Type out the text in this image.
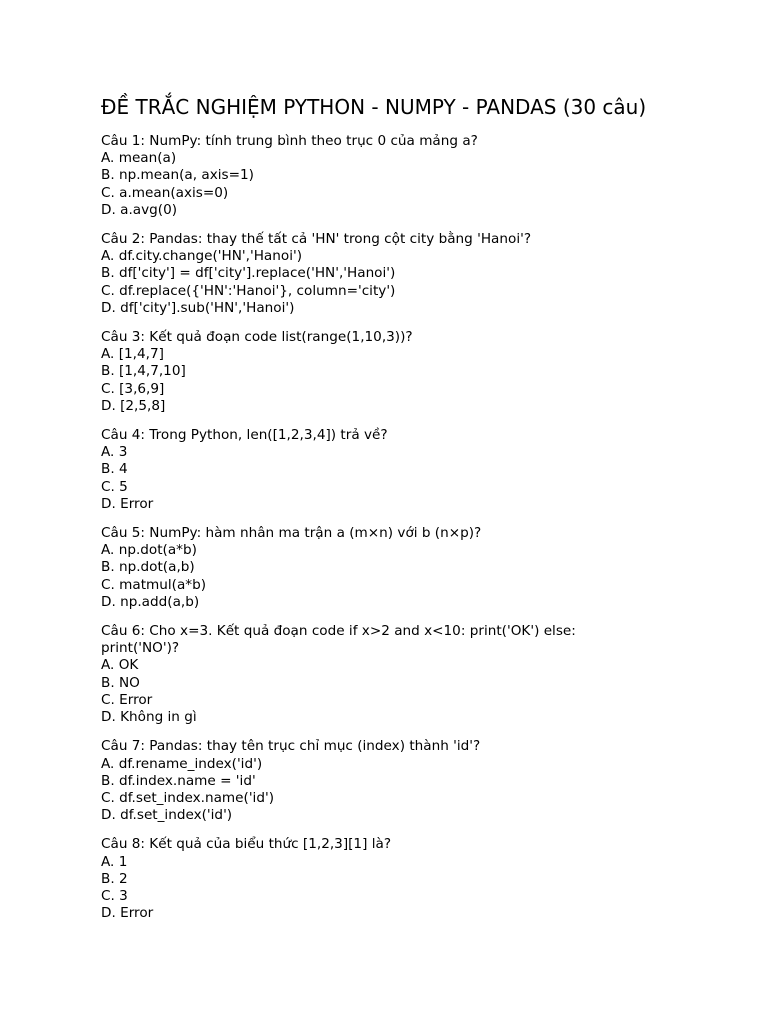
ĐỀ TRẮC NGHIỆM PYTHON - NUMPY - PANDAS (30 câu)
Câu 1: NumPy: tính trung bình theo trục 0 của mảng a?
A. mean(a)
B. np.mean(a, axis=1)
C. a.mean(axis=0)
D. a.avg(0)
Câu 2: Pandas: thay thế tất cả 'HN' trong cột city bằng 'Hanoi'?
A. df.city.change('HN','Hanoi')
B. df['city'] = df['city'].replace('HN','Hanoi')
C. df.replace({'HN':'Hanoi'}, column='city')
D. df['city'].sub('HN','Hanoi')
Câu 3: Kết quả đoạn code list(range(1,10,3))?
A. [1,4,7]
B. [1,4,7,10]
C. [3,6,9]
D. [2,5,8]
Câu 4: Trong Python, len([1,2,3,4]) trả về?
A. 3
B. 4
C. 5
D. Error
Câu 5: NumPy: hàm nhân ma trận a (m×n) với b (n×p)?
A. np.dot(a*b)
B. np.dot(a,b)
C. matmul(a*b)
D. np.add(a,b)
Câu 6: Cho x=3. Kết quả đoạn code if x>2 and x<10: print('OK') else: print('NO')?
A. OK
B. NO
C. Error
D. Không in gì
Câu 7: Pandas: thay tên trục chỉ mục (index) thành 'id'?
A. df.rename_index('id')
B. df.index.name = 'id'
C. df.set_index.name('id')
D. df.set_index('id')
Câu 8: Kết quả của biểu thức [1,2,3][1] là?
A. 1
B. 2
C. 3
D. Error
